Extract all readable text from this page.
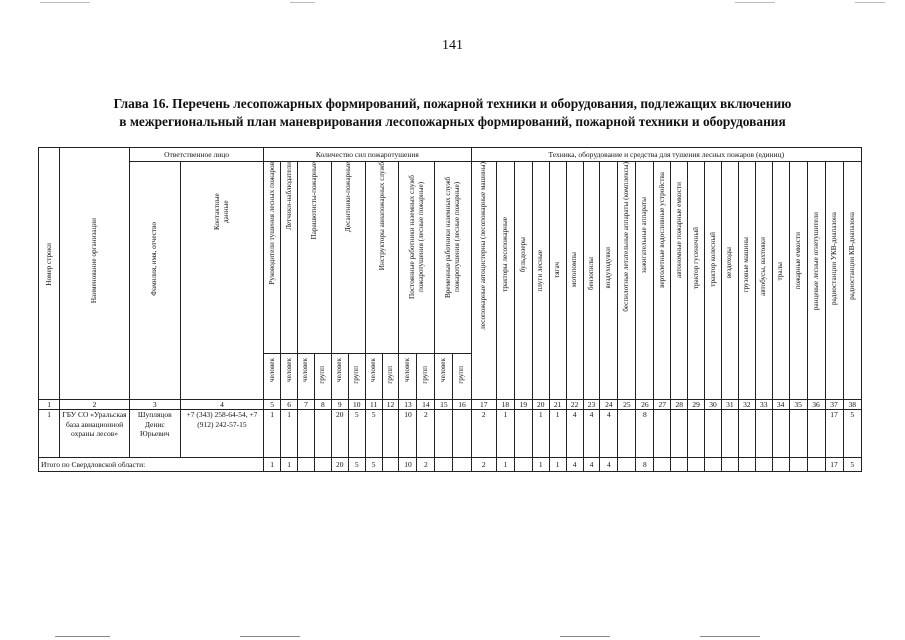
141
Глава 16. Перечень лесопожарных формирований, пожарной техники и оборудования, подлежащих включению
в межрегиональный план маневрирования лесопожарных формирований, пожарной техники и оборудования
Номер строки	Наименование организации	Ответственное лицо		Количество сил пожаротушения												Техника, оборудование и средства для тушения лесных пожаров (единиц)																					

		Фамилия, имя, отчество	Контактные данные	Руководители тушения лесных пожаров	Летчики-наблюдатели	Парашютисты-пожарные		Десантники-пожарные		Инструкторы авиапожарных служб		Постоянные работники наземных служб пожаротушения (лесные пожарные)		Временные работники наземных служб пожаротушения (лесные пожарные)		лесопожарные автоцистерны (лесопожарные машины)	тракторы лесопожарные	бульдозеры	плуги лесные	тягач	мотопомпы	бензопилы	воздуходувки	беспилотные летательные аппараты (комплексы)	зажигательные аппараты	вертолетные водосливные устройства	автономные пожарные емкости	трактор гусеничный	трактор колесный	вездеходы	грузовые машины	автобусы, вахтовки	тралы	пожарные емкости	ранцевые лесные огнетушители	радиостанции УКВ-диапазона	радиостанции КВ-диапазона

				человек	человек	человек	групп	человек	групп	человек	групп	человек	групп	человек	групп																						

1	2	3	4	5	6	7	8	9	10	11	12	13	14	15	16	17	18	19	20	21	22	23	24	25	26	27	28	29	30	31	32	33	34	35	36	37	38
1	ГБУ СО «Уральская база авиационной охраны лесов»	Шупляцов Денис Юрьевич	+7 (343) 258-64-54, +7 (912) 242-57-15	1	1			20	5	5		10	2			2	1		1	1	4	4	4		8											17	5
Итого по Свердловской области:				1	1			20	5	5		10	2			2	1		1	1	4	4	4		8											17	5
